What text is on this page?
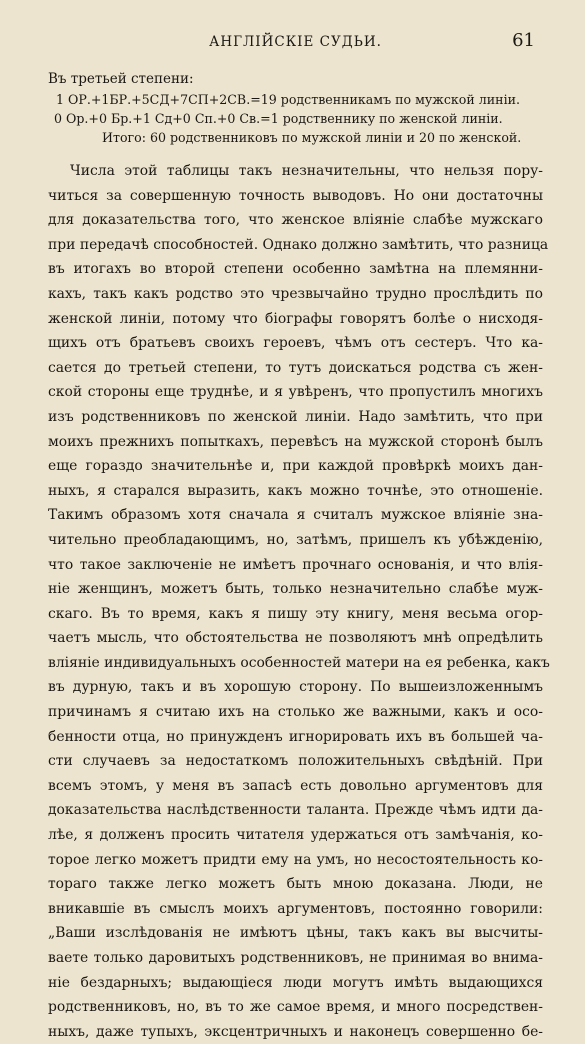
АНГЛІЙСКІЕ СУДЬИ.	61
Въ третьей степени:
1 ОР.+1БР.+5СД+7СП+2СВ.=19 родственникамъ по мужской линіи.
0 Ор.+0 Бр.+1 Сд+0 Сп.+0 Св.=1 родственнику по женской линіи.
Итого: 60 родственниковъ по мужской линіи и 20 по женской.
Числа этой таблицы такъ незначительны, что нельзя пору-
читься за совершенную точность выводовъ. Но они достаточны
для доказательства того, что женское вліяніе слабѣе мужскаго
при передачѣ способностей. Однако должно замѣтить, что разница
въ итогахъ во второй степени особенно замѣтна на племянни-
кахъ, такъ какъ родство это чрезвычайно трудно прослѣдить по
женской линіи, потому что біографы говорятъ болѣе о нисходя-
щихъ отъ братьевъ своихъ героевъ, чѣмъ отъ сестеръ. Что ка-
сается до третьей степени, то тутъ доискаться родства съ жен-
ской стороны еще труднѣе, и я увѣренъ, что пропустилъ многихъ
изъ родственниковъ по женской линіи. Надо замѣтить, что при
моихъ прежнихъ попыткахъ, перевѣсъ на мужской сторонѣ былъ
еще гораздо значительнѣе и, при каждой провѣркѣ моихъ дан-
ныхъ, я старался выразить, какъ можно точнѣе, это отношеніе.
Такимъ образомъ хотя сначала я считалъ мужское вліяніе зна-
чительно преобладающимъ, но, затѣмъ, пришелъ къ убѣжденію,
что такое заключеніе не имѣетъ прочнаго основанія, и что влія-
ніе женщинъ, можетъ быть, только незначительно слабѣе муж-
скаго. Въ то время, какъ я пишу эту книгу, меня весьма огор-
чаетъ мысль, что обстоятельства не позволяютъ мнѣ опредѣлить
вліяніе индивидуальныхъ особенностей матери на ея ребенка, какъ
въ дурную, такъ и въ хорошую сторону. По вышеизложеннымъ
причинамъ я считаю ихъ на столько же важными, какъ и осо-
бенности отца, но принужденъ игнорировать ихъ въ большей ча-
сти случаевъ за недостаткомъ положительныхъ свѣдѣній. При
всемъ этомъ, у меня въ запасѣ есть довольно аргументовъ для
доказательства наслѣдственности таланта. Прежде чѣмъ идти да-
лѣе, я долженъ просить читателя удержаться отъ замѣчанія, ко-
торое легко можетъ придти ему на умъ, но несостоятельность ко-
тораго также легко можетъ быть мною доказана. Люди, не
вникавшіе въ смыслъ моихъ аргументовъ, постоянно говорили:
„Ваши изслѣдованія не имѣютъ цѣны, такъ какъ вы высчиты-
ваете только даровитыхъ родственниковъ, не принимая во внима-
ніе бездарныхъ; выдающіеся люди могутъ имѣть выдающихся
родственниковъ, но, въ то же самое время, и много посредствен-
ныхъ, даже тупыхъ, эксцентричныхъ и наконецъ совершенно бе-
